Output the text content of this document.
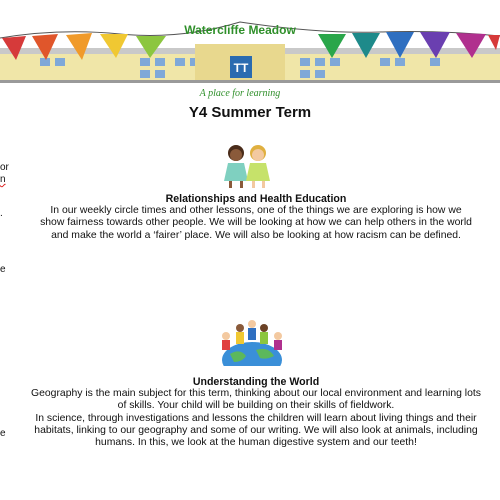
TT
Watercliffe Meadow
A place for learning
Y4 Summer Term
or
n
.
e
e
Relationships and Health Education

In our weekly circle times and other lessons, one of the things we are exploring is how we show fairness towards other people. We will be looking at how we can help others in the world and make the world a ‘fairer’ place. We will also be looking at how racism can be defined.

Understanding the World

Geography is the main subject for this term, thinking about our local environment and learning lots of skills. Your child will be building on their skills of fieldwork.

In science, through investigations and lessons the children will learn about living things and their habitats, linking to our geography and some of our writing. We will also look at animals, including humans. In this, we look at the human digestive system and our teeth!
